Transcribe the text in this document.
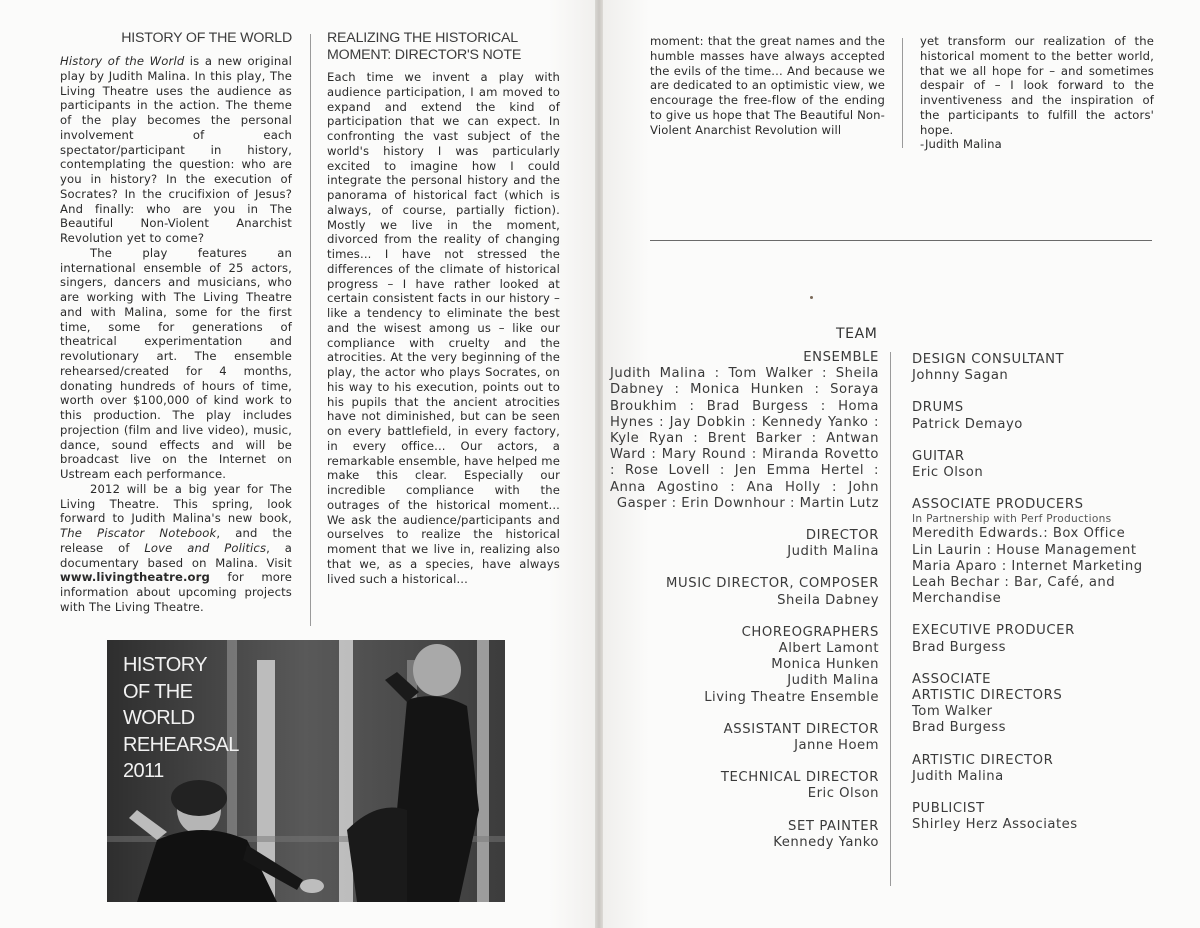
HISTORY OF THE WORLD

History of the World is a new original play by Judith Malina. In this play, The Living Theatre uses the audience as participants in the action. The theme of the play becomes the personal involvement of each spectator/participant in history, contemplating the question: who are you in history? In the execution of Socrates? In the crucifixion of Jesus? And finally: who are you in The Beautiful Non-Violent Anarchist Revolution yet to come?

The play features an international ensemble of 25 actors, singers, dancers and musicians, who are working with The Living Theatre and with Malina, some for the first time, some for generations of theatrical experimentation and revolutionary art. The ensemble rehearsed/created for 4 months, donating hundreds of hours of time, worth over $100,000 of kind work to this production. The play includes projection (film and live video), music, dance, sound effects and will be broadcast live on the Internet on Ustream each performance.

2012 will be a big year for The Living Theatre. This spring, look forward to Judith Malina's new book, The Piscator Notebook, and the release of Love and Politics, a documentary based on Malina. Visit www.livingtheatre.org for more information about upcoming projects with The Living Theatre.

REALIZING THE HISTORICAL
MOMENT: DIRECTOR'S NOTE

Each time we invent a play with audience participation, I am moved to expand and extend the kind of participation that we can expect. In confronting the vast subject of the world's history I was particularly excited to imagine how I could integrate the personal history and the panorama of historical fact (which is always, of course, partially fiction). Mostly we live in the moment, divorced from the reality of changing times... I have not stressed the differences of the climate of historical progress – I have rather looked at certain consistent facts in our history – like a tendency to eliminate the best and the wisest among us – like our compliance with cruelty and the atrocities. At the very beginning of the play, the actor who plays Socrates, on his way to his execution, points out to his pupils that the ancient atrocities have not diminished, but can be seen on every battlefield, in every factory, in every office... Our actors, a remarkable ensemble, have helped me make this clear. Especially our incredible compliance with the outrages of the historical moment... We ask the audience/participants and ourselves to realize the historical moment that we live in, realizing also that we, as a species, have always lived such a historical...

HISTORY
OF THE
WORLD
REHEARSAL
2011

moment: that the great names and the humble masses have always accepted the evils of the time... And because we are dedicated to an optimistic view, we encourage the free-flow of the ending to give us hope that The Beautiful Non-Violent Anarchist Revolution will

yet transform our realization of the historical moment to the better world, that we all hope for – and sometimes despair of – I look forward to the inventiveness and the inspiration of the participants to fulfill the actors' hope.

-Judith Malina

TEAM
ENSEMBLE
Judith Malina : Tom Walker : Sheila Dabney : Monica Hunken : Soraya Broukhim : Brad Burgess : Homa Hynes : Jay Dobkin : Kennedy Yanko : Kyle Ryan : Brent Barker : Antwan Ward : Mary Round : Miranda Rovetto : Rose Lovell : Jen Emma Hertel : Anna Agostino : Ana Holly : John Gasper : Erin Downhour : Martin Lutz
DIRECTOR
Judith Malina
MUSIC DIRECTOR, COMPOSER
Sheila Dabney
CHOREOGRAPHERS
Albert Lamont
Monica Hunken
Judith Malina
Living Theatre Ensemble
ASSISTANT DIRECTOR
Janne Hoem
TECHNICAL DIRECTOR
Eric Olson
SET PAINTER
Kennedy Yanko
DESIGN CONSULTANT
Johnny Sagan
DRUMS
Patrick Demayo
GUITAR
Eric Olson
ASSOCIATE PRODUCERS
In Partnership with Perf Productions
Meredith Edwards.: Box Office
Lin Laurin : House Management
Maria Aparo : Internet Marketing
Leah Bechar : Bar, Café, and Merchandise
EXECUTIVE PRODUCER
Brad Burgess
ASSOCIATE
ARTISTIC DIRECTORS
Tom Walker
Brad Burgess
ARTISTIC DIRECTOR
Judith Malina
PUBLICIST
Shirley Herz Associates
